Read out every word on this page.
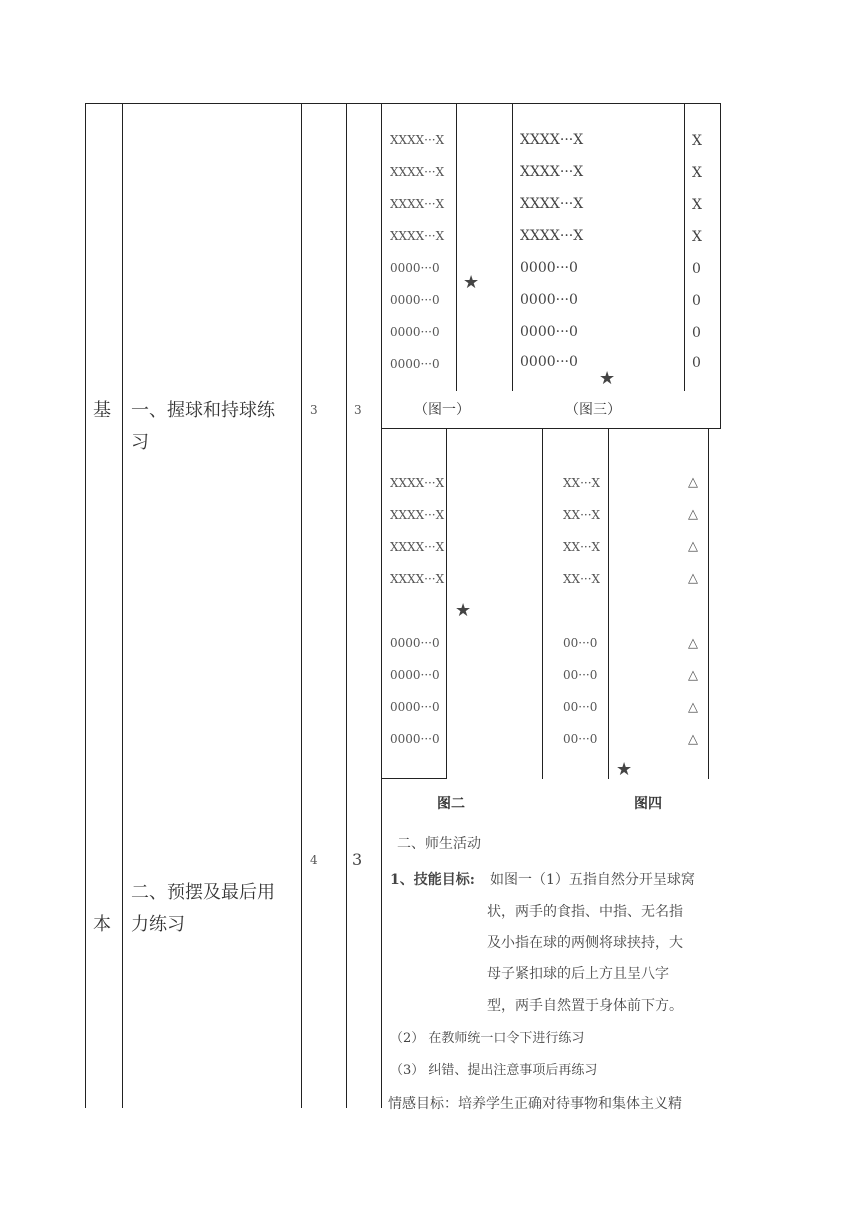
基
本
一、握球和持球练
习
3	3
二、预摆及最后用
力练习
4 3
XXXX···X
XXXX···X
XXXX···X
XXXX···X
0000···0
0000···0
0000···0
0000···0
★
（图一）
XXXX···X
XXXX···X
XXXX···X
XXXX···X
0000···0
0000···0
0000···0
0000···0
X
X
X
X
0
0
0
0
★
（图三）
XXXX···X
XXXX···X
XXXX···X
XXXX···X
0000···0
0000···0
0000···0
0000···0
★
图二
XX···X
XX···X
XX···X
XX···X
00···0
00···0
00···0
00···0
△
△
△
△
△
△
△
△
★
图四
二、师生活动
1、技能目标: 如图一（1）五指自然分开呈球窝
状，两手的食指、中指、无名指
及小指在球的两侧将球挟持，大
母子紧扣球的后上方且呈八字
型，两手自然置于身体前下方。
（2） 在教师统一口令下进行练习
（3） 纠错、提出注意事项后再练习
情感目标：培养学生正确对待事物和集体主义精
